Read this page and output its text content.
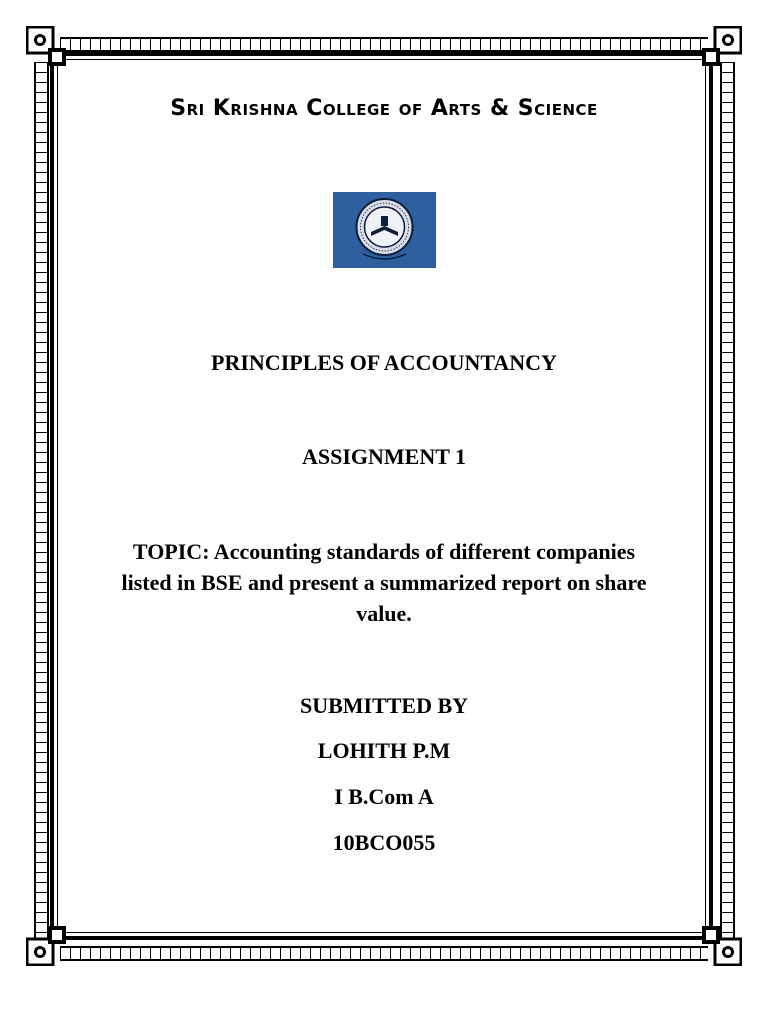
Sri Krishna College of Arts & Science
PRINCIPLES OF ACCOUNTANCY
ASSIGNMENT 1
TOPIC: Accounting standards of different companies listed in BSE and present a summarized report on share value.
SUBMITTED BY
LOHITH P.M
I B.Com A
10BCO055
